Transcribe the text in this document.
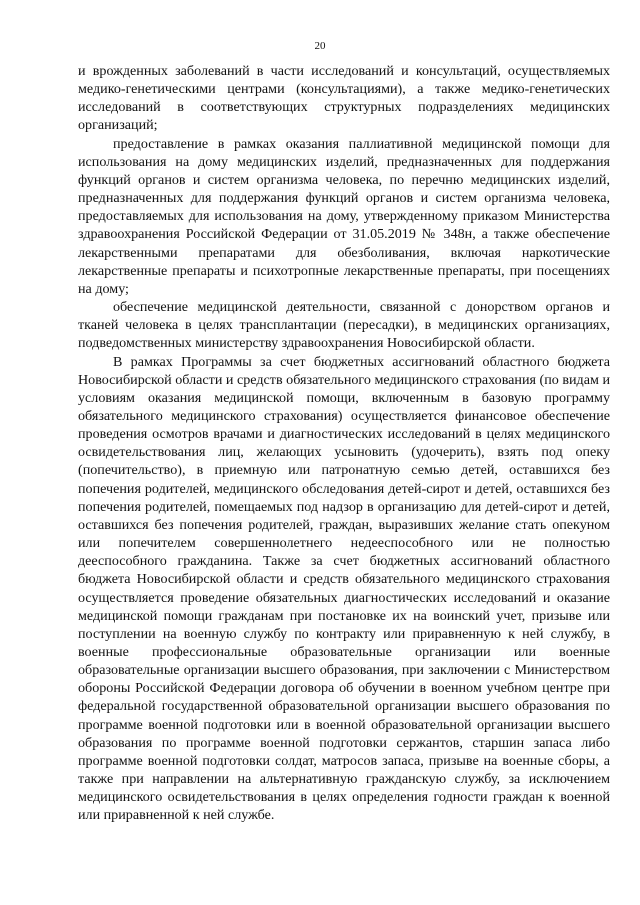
20

и врожденных заболеваний в части исследований и консультаций, осуществляемых медико-генетическими центрами (консультациями), а также медико-генетических исследований в соответствующих структурных подразделениях медицинских организаций;

предоставление в рамках оказания паллиативной медицинской помощи для использования на дому медицинских изделий, предназначенных для поддержания функций органов и систем организма человека, по перечню медицинских изделий, предназначенных для поддержания функций органов и систем организма человека, предоставляемых для использования на дому, утвержденному приказом Министерства здравоохранения Российской Федерации от 31.05.2019 № 348н, а также обеспечение лекарственными препаратами для обезболивания, включая наркотические лекарственные препараты и психотропные лекарственные препараты, при посещениях на дому;

обеспечение медицинской деятельности, связанной с донорством органов и тканей человека в целях трансплантации (пересадки), в медицинских организациях, подведомственных министерству здравоохранения Новосибирской области.

В рамках Программы за счет бюджетных ассигнований областного бюджета Новосибирской области и средств обязательного медицинского страхования (по видам и условиям оказания медицинской помощи, включенным в базовую программу обязательного медицинского страхования) осуществляется финансовое обеспечение проведения осмотров врачами и диагностических исследований в целях медицинского освидетельствования лиц, желающих усыновить (удочерить), взять под опеку (попечительство), в приемную или патронатную семью детей, оставшихся без попечения родителей, медицинского обследования детей-сирот и детей, оставшихся без попечения родителей, помещаемых под надзор в организацию для детей-сирот и детей, оставшихся без попечения родителей, граждан, выразивших желание стать опекуном или попечителем совершеннолетнего недееспособного или не полностью дееспособного гражданина. Также за счет бюджетных ассигнований областного бюджета Новосибирской области и средств обязательного медицинского страхования осуществляется проведение обязательных диагностических исследований и оказание медицинской помощи гражданам при постановке их на воинский учет, призыве или поступлении на военную службу по контракту или приравненную к ней службу, в военные профессиональные образовательные организации или военные образовательные организации высшего образования, при заключении с Министерством обороны Российской Федерации договора об обучении в военном учебном центре при федеральной государственной образовательной организации высшего образования по программе военной подготовки или в военной образовательной организации высшего образования по программе военной подготовки сержантов, старшин запаса либо программе военной подготовки солдат, матросов запаса, призыве на военные сборы, а также при направлении на альтернативную гражданскую службу, за исключением медицинского освидетельствования в целях определения годности граждан к военной или приравненной к ней службе.
